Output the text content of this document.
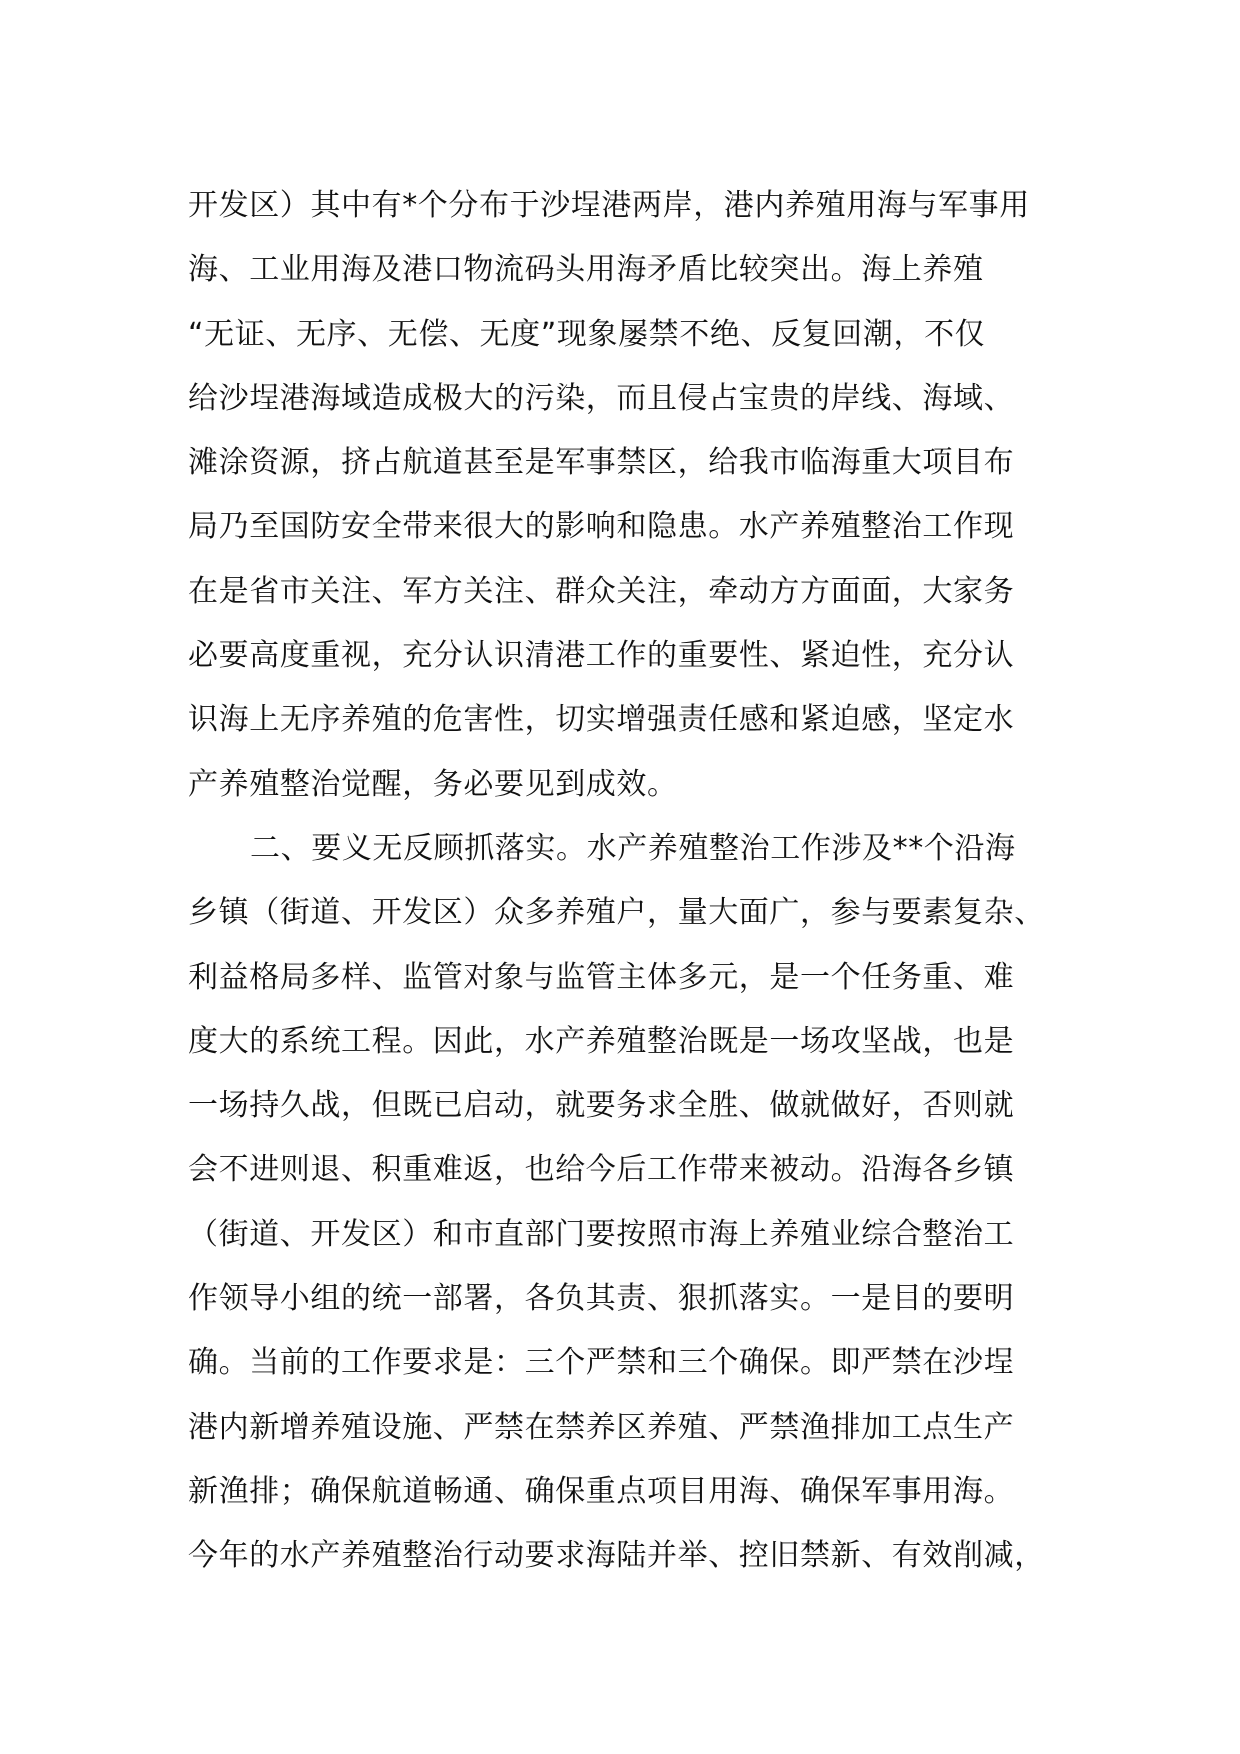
开发区）其中有*个分布于沙埕港两岸，港内养殖用海与军事用
海、工业用海及港口物流码头用海矛盾比较突出。海上养殖
“无证、无序、无偿、无度”现象屡禁不绝、反复回潮，不仅
给沙埕港海域造成极大的污染，而且侵占宝贵的岸线、海域、
滩涂资源，挤占航道甚至是军事禁区，给我市临海重大项目布
局乃至国防安全带来很大的影响和隐患。水产养殖整治工作现
在是省市关注、军方关注、群众关注，牵动方方面面，大家务
必要高度重视，充分认识清港工作的重要性、紧迫性，充分认
识海上无序养殖的危害性，切实增强责任感和紧迫感，坚定水
产养殖整治觉醒，务必要见到成效。
二、要义无反顾抓落实。水产养殖整治工作涉及**个沿海
乡镇（街道、开发区）众多养殖户，量大面广，参与要素复杂、
利益格局多样、监管对象与监管主体多元，是一个任务重、难
度大的系统工程。因此，水产养殖整治既是一场攻坚战，也是
一场持久战，但既已启动，就要务求全胜、做就做好，否则就
会不进则退、积重难返，也给今后工作带来被动。沿海各乡镇
（街道、开发区）和市直部门要按照市海上养殖业综合整治工
作领导小组的统一部署，各负其责、狠抓落实。一是目的要明
确。当前的工作要求是：三个严禁和三个确保。即严禁在沙埕
港内新增养殖设施、严禁在禁养区养殖、严禁渔排加工点生产
新渔排；确保航道畅通、确保重点项目用海、确保军事用海。
今年的水产养殖整治行动要求海陆并举、控旧禁新、有效削减，
